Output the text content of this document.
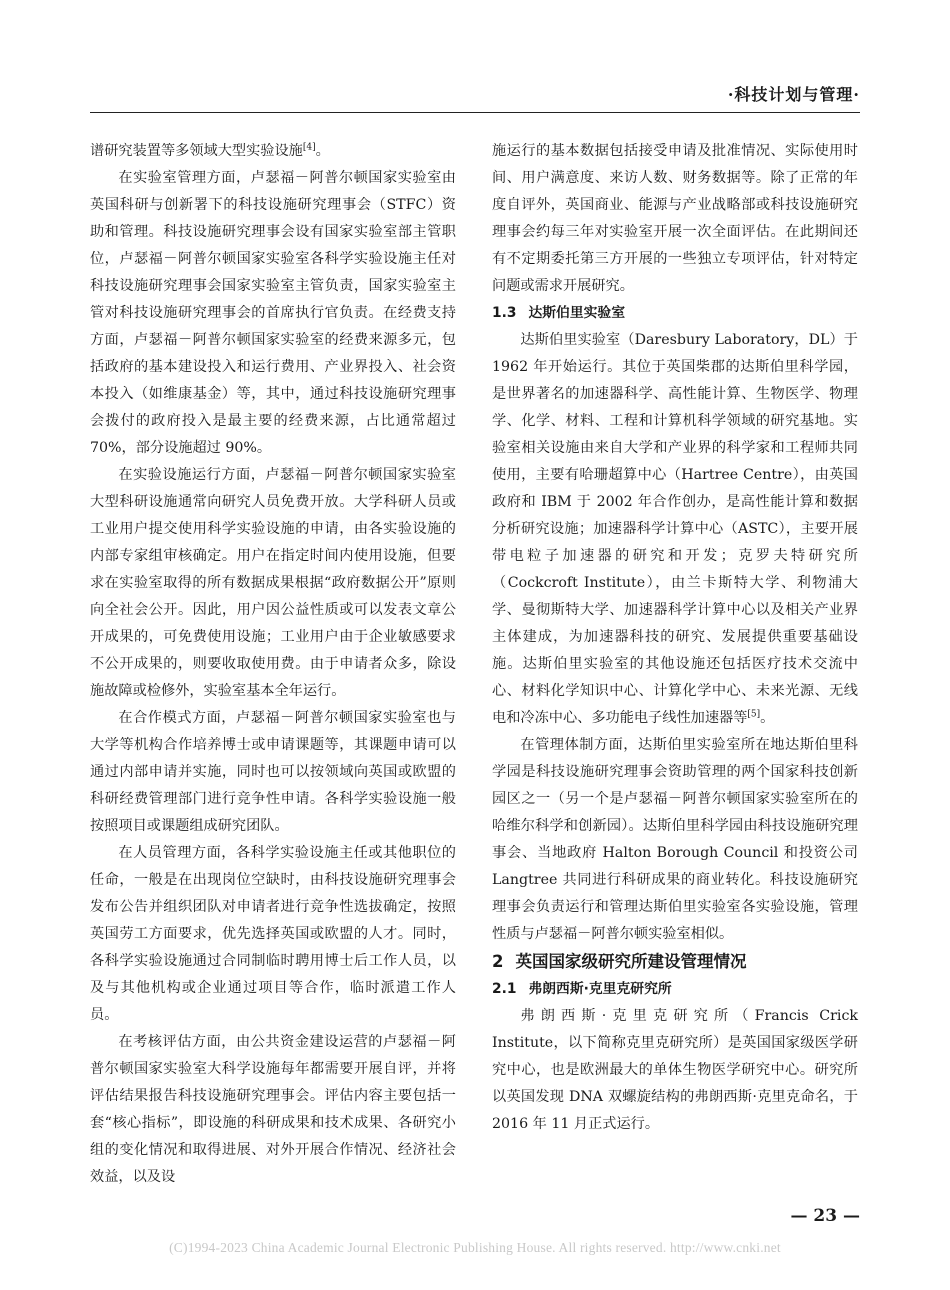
·科技计划与管理·

谱研究装置等多领域大型实验设施[4]。

在实验室管理方面，卢瑟福－阿普尔顿国家实验室由英国科研与创新署下的科技设施研究理事会（STFC）资助和管理。科技设施研究理事会设有国家实验室部主管职位，卢瑟福－阿普尔顿国家实验室各科学实验设施主任对科技设施研究理事会国家实验室主管负责，国家实验室主管对科技设施研究理事会的首席执行官负责。在经费支持方面，卢瑟福－阿普尔顿国家实验室的经费来源多元，包括政府的基本建设投入和运行费用、产业界投入、社会资本投入（如维康基金）等，其中，通过科技设施研究理事会拨付的政府投入是最主要的经费来源，占比通常超过 70%，部分设施超过 90%。

在实验设施运行方面，卢瑟福－阿普尔顿国家实验室大型科研设施通常向研究人员免费开放。大学科研人员或工业用户提交使用科学实验设施的申请，由各实验设施的内部专家组审核确定。用户在指定时间内使用设施，但要求在实验室取得的所有数据成果根据“政府数据公开”原则向全社会公开。因此，用户因公益性质或可以发表文章公开成果的，可免费使用设施；工业用户由于企业敏感要求不公开成果的，则要收取使用费。由于申请者众多，除设施故障或检修外，实验室基本全年运行。

在合作模式方面，卢瑟福－阿普尔顿国家实验室也与大学等机构合作培养博士或申请课题等，其课题申请可以通过内部申请并实施，同时也可以按领域向英国或欧盟的科研经费管理部门进行竞争性申请。各科学实验设施一般按照项目或课题组成研究团队。

在人员管理方面，各科学实验设施主任或其他职位的任命，一般是在出现岗位空缺时，由科技设施研究理事会发布公告并组织团队对申请者进行竞争性选拔确定，按照英国劳工方面要求，优先选择英国或欧盟的人才。同时，各科学实验设施通过合同制临时聘用博士后工作人员，以及与其他机构或企业通过项目等合作，临时派遣工作人员。

在考核评估方面，由公共资金建设运营的卢瑟福－阿普尔顿国家实验室大科学设施每年都需要开展自评，并将评估结果报告科技设施研究理事会。评估内容主要包括一套“核心指标”，即设施的科研成果和技术成果、各研究小组的变化情况和取得进展、对外开展合作情况、经济社会效益，以及设

施运行的基本数据包括接受申请及批准情况、实际使用时间、用户满意度、来访人数、财务数据等。除了正常的年度自评外，英国商业、能源与产业战略部或科技设施研究理事会约每三年对实验室开展一次全面评估。在此期间还有不定期委托第三方开展的一些独立专项评估，针对特定问题或需求开展研究。

1.3 达斯伯里实验室

达斯伯里实验室（Daresbury Laboratory，DL）于 1962 年开始运行。其位于英国柴郡的达斯伯里科学园，是世界著名的加速器科学、高性能计算、生物医学、物理学、化学、材料、工程和计算机科学领域的研究基地。实验室相关设施由来自大学和产业界的科学家和工程师共同使用，主要有哈珊超算中心（Hartree Centre），由英国政府和 IBM 于 2002 年合作创办，是高性能计算和数据分析研究设施；加速器科学计算中心（ASTC），主要开展带电粒子加速器的研究和开发；克罗夫特研究所（Cockcroft Institute），由兰卡斯特大学、利物浦大学、曼彻斯特大学、加速器科学计算中心以及相关产业界主体建成，为加速器科技的研究、发展提供重要基础设施。达斯伯里实验室的其他设施还包括医疗技术交流中心、材料化学知识中心、计算化学中心、未来光源、无线电和冷冻中心、多功能电子线性加速器等[5]。

在管理体制方面，达斯伯里实验室所在地达斯伯里科学园是科技设施研究理事会资助管理的两个国家科技创新园区之一（另一个是卢瑟福－阿普尔顿国家实验室所在的哈维尔科学和创新园）。达斯伯里科学园由科技设施研究理事会、当地政府 Halton Borough Council 和投资公司 Langtree 共同进行科研成果的商业转化。科技设施研究理事会负责运行和管理达斯伯里实验室各实验设施，管理性质与卢瑟福－阿普尔顿实验室相似。

2 英国国家级研究所建设管理情况

2.1 弗朗西斯·克里克研究所

弗朗西斯·克里克研究所（Francis Crick Institute，以下简称克里克研究所）是英国国家级医学研究中心，也是欧洲最大的单体生物医学研究中心。研究所以英国发现 DNA 双螺旋结构的弗朗西斯·克里克命名，于 2016 年 11 月正式运行。

— 23 —
(C)1994-2023 China Academic Journal Electronic Publishing House. All rights reserved. http://www.cnki.net
